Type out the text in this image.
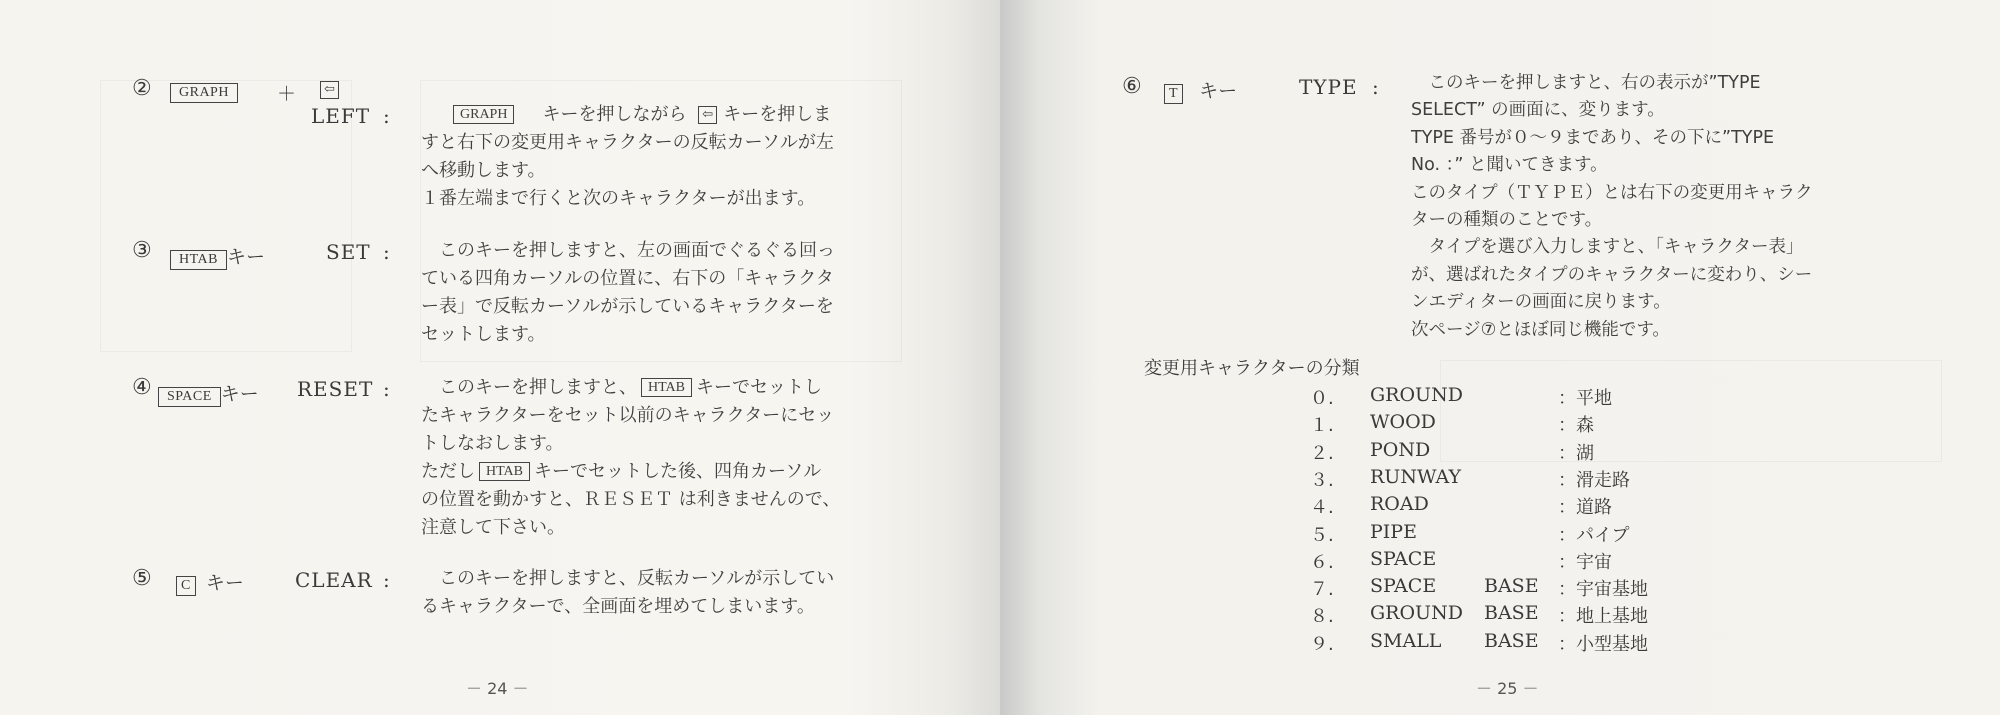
②	GRAPH	＋	⇦
LEFT :	GRAPH キーを押しながら ⇦ キーを押しま
すと右下の変更用キャラクターの反転カーソルが左
へ移動します。
１番左端まで行くと次のキャラクターが出ます。
③	HTAB キー	SET : 　このキーを押しますと、左の画面でぐるぐる回っ
ている四角カーソルの位置に、右下の「キャラクタ
ー表」で反転カーソルが示しているキャラクターを
セットします。
④	SPACE キー RESET : 　このキーを押しますと、 HTAB キーでセットし
たキャラクターをセット以前のキャラクターにセッ
トしなおします。
ただし HTAB キーでセットした後、四角カーソル
の位置を動かすと、ＲＥＳＥＴ は利きませんので、
注意して下さい。
⑤	C キー	CLEAR : 　このキーを押しますと、反転カーソルが示してい
るキャラクターで、全画面を埋めてしまいます。
－ 24 －
⑥	T キー	TYPE : 　このキーを押しますと、右の表示が”TYPE
SELECT” の画面に、変ります。
TYPE 番号が０～９まであり、その下に”TYPE
No. ：” と聞いてきます。
このタイプ（ＴＹＰＥ）とは右下の変更用キャラク
ターの種類のことです。
　タイプを選び入力しますと、「キャラクター表」
が、選ばれたタイプのキャラクターに変わり、シー
ンエディターの画面に戻ります。
次ページ⑦とほぼ同じ機能です。
変更用キャラクターの分類
０. GROUND	：平地
１. WOOD	：森
２. POND	：湖
３. RUNWAY	：滑走路
４. ROAD	：道路
５. PIPE	：パイプ
６. SPACE	：宇宙
７. SPACE	BASE ：宇宙基地
８. GROUND BASE ：地上基地
９. SMALL BASE ：小型基地
－ 25 －
